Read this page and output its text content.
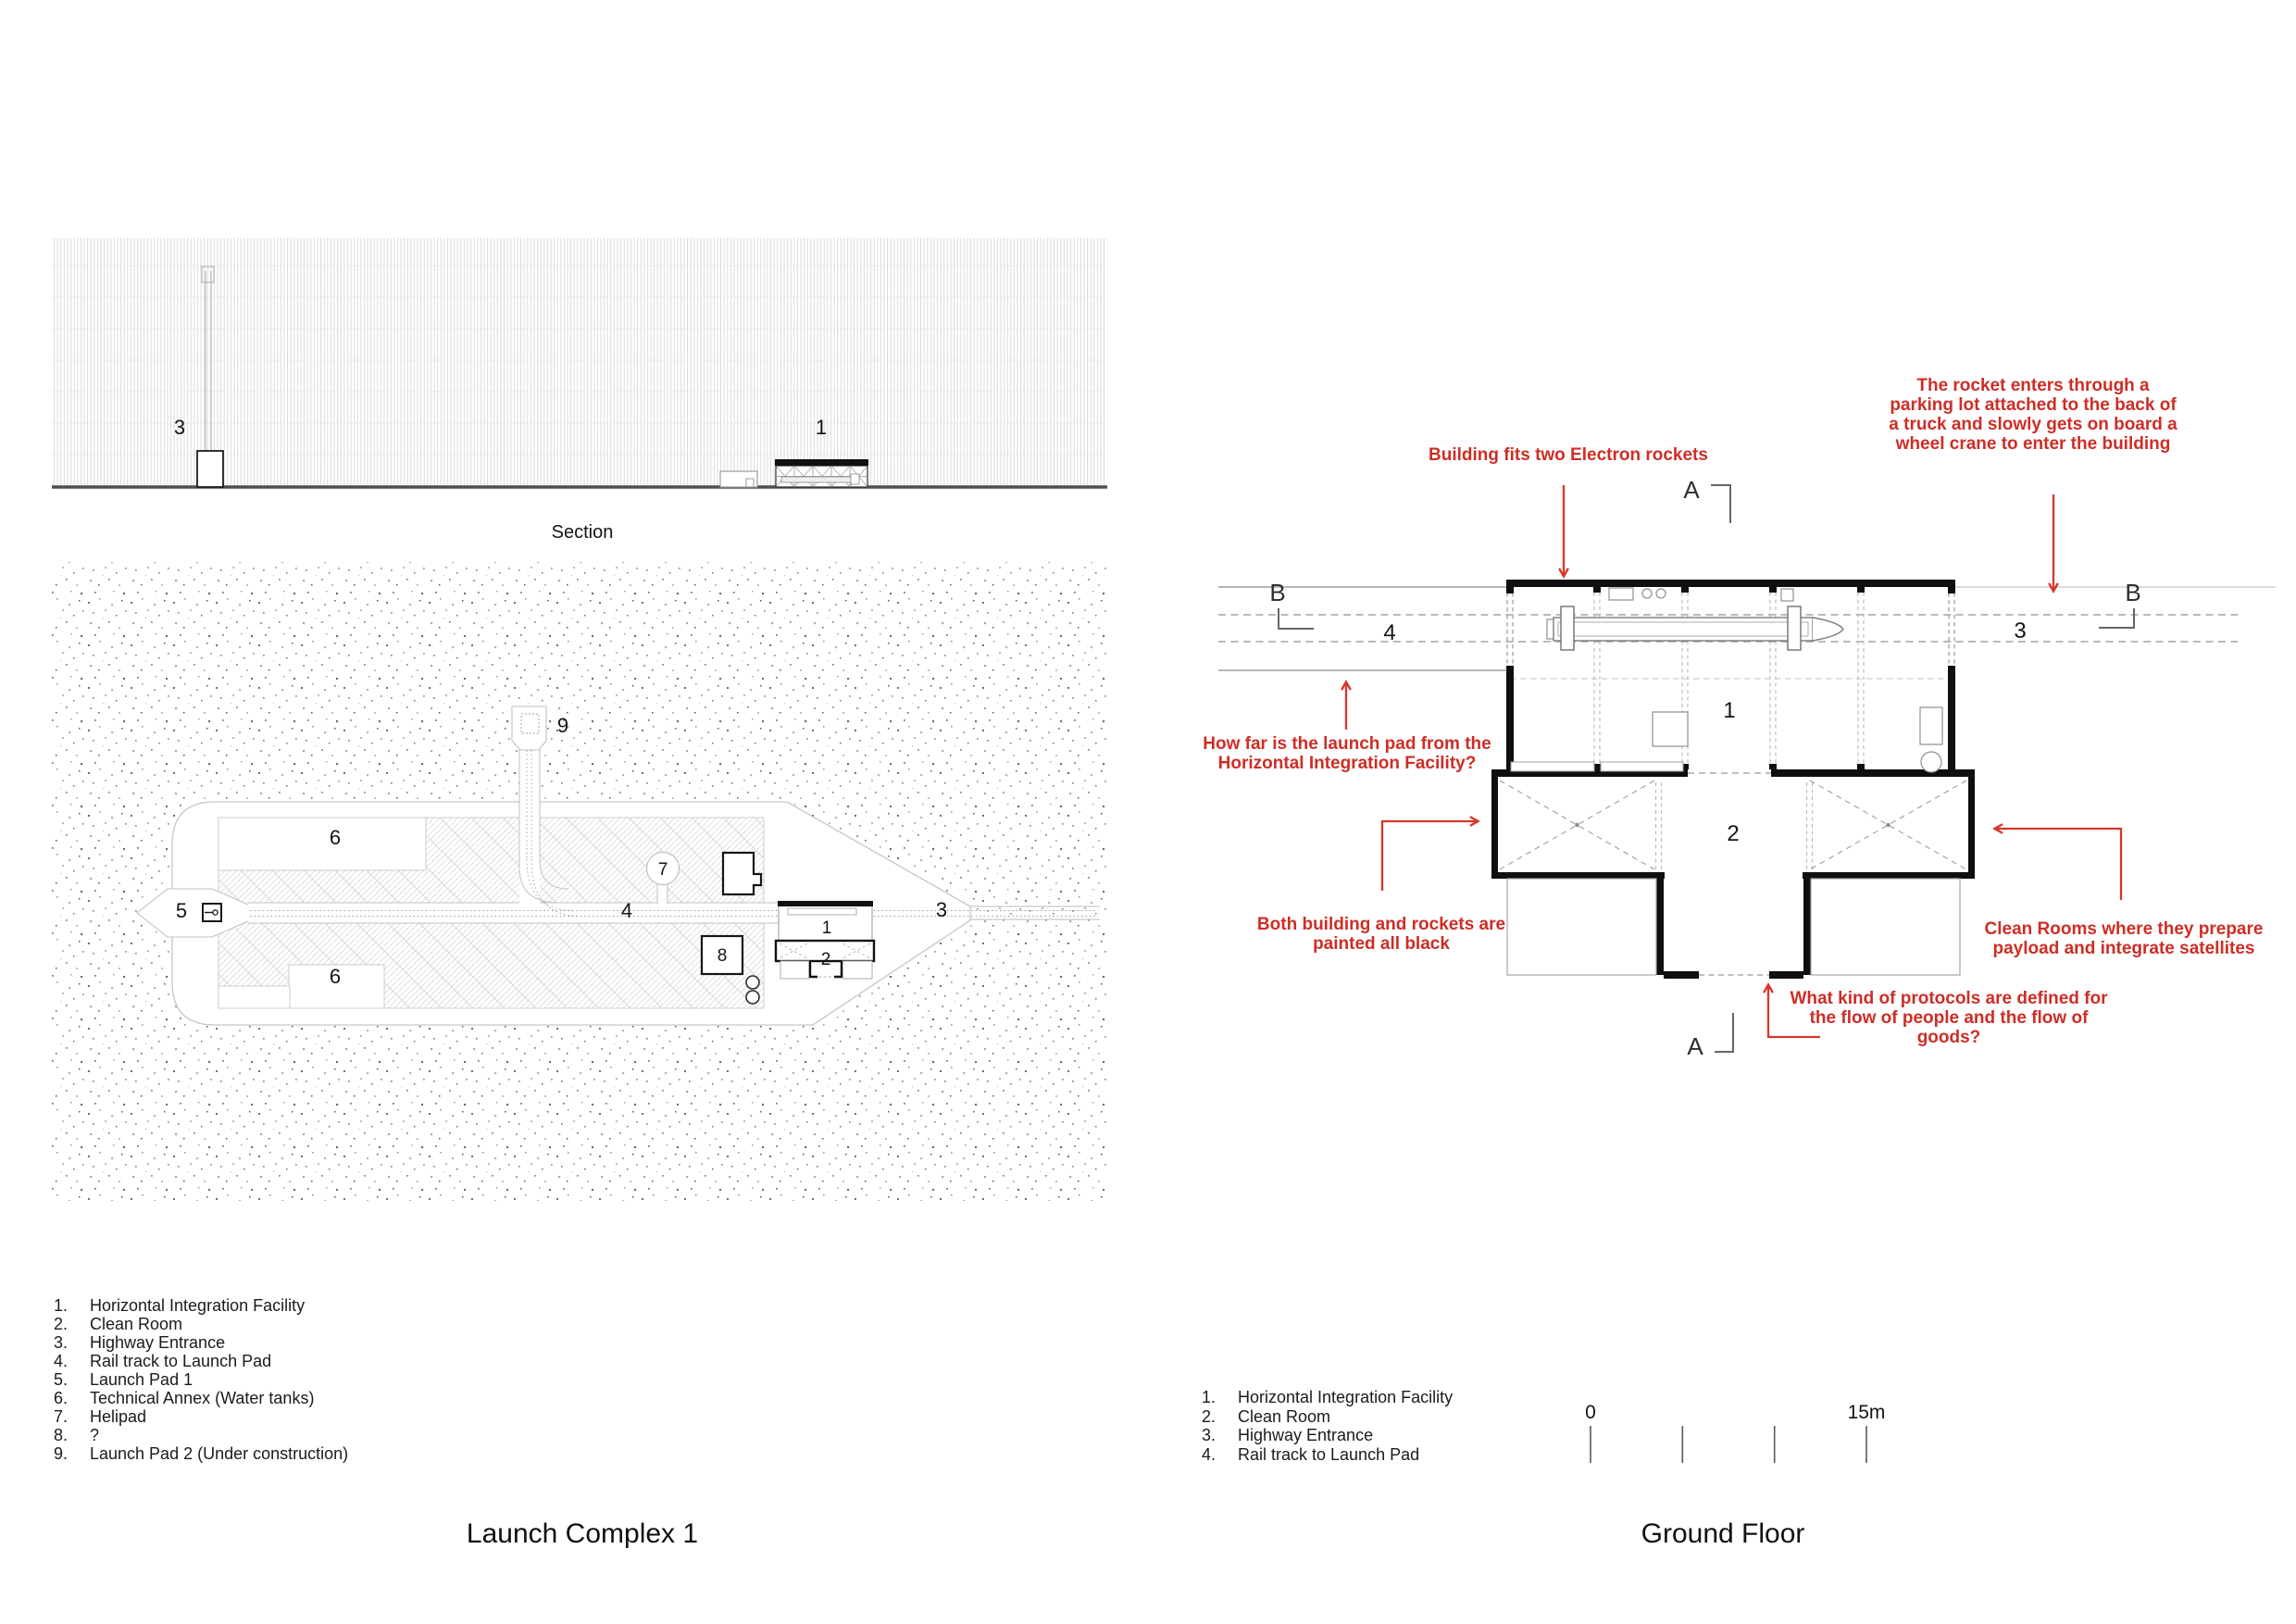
3	1
Section
9
6
6
5	4	3
7
8
1
2
1
2
4	3
A
A
B	B
0	15m
Building fits two Electron rockets
The rocket enters through a parking lot attached to the back of a truck and slowly gets on board a wheel crane to enter the building
How far is the launch pad from the Horizontal Integration Facility?
Both building and rockets are painted all black
Clean Rooms where they prepare payload and integrate satellites
What kind of protocols are defined for the flow of people and the flow of goods?
1.	Horizontal Integration Facility
2.	Clean Room
3.	Highway Entrance
4.	Rail track to Launch Pad
5.	Launch Pad 1
6.	Technical Annex (Water tanks)
7.	Helipad
8.	?
9.	Launch Pad 2 (Under construction)
1.	Horizontal Integration Facility
2.	Clean Room
3.	Highway Entrance
4.	Rail track to Launch Pad
Launch Complex 1	Ground Floor
